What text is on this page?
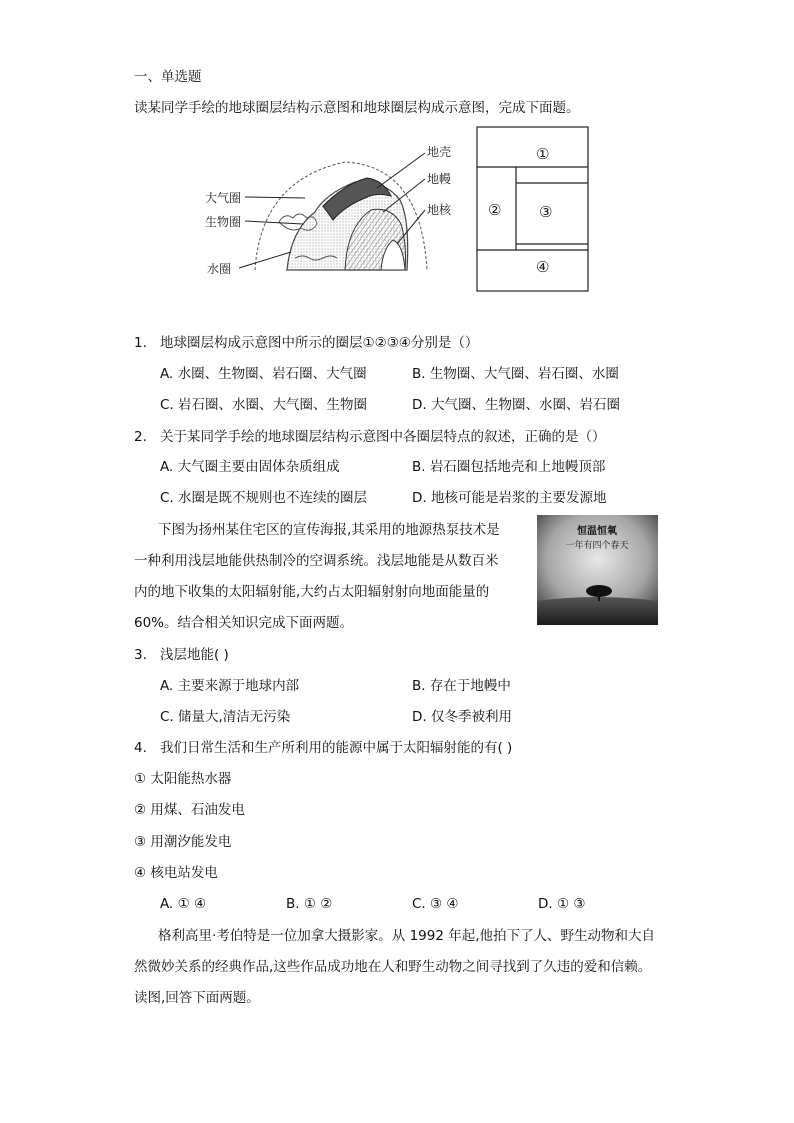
一、单选题
读某同学手绘的地球圈层结构示意图和地球圈层构成示意图，完成下面题。
大气圈
生物圈
水圈
地壳
地幔
地核
①
②	③
④
1. 地球圈层构成示意图中所示的圈层①②③④分别是（）
A. 水圈、生物圈、岩石圈、大气圈	B. 生物圈、大气圈、岩石圈、水圈
C. 岩石圈、水圈、大气圈、生物圈	D. 大气圈、生物圈、水圈、岩石圈
2. 关于某同学手绘的地球圈层结构示意图中各圈层特点的叙述，正确的是（）
A. 大气圈主要由固体杂质组成	B. 岩石圈包括地壳和上地幔顶部
C. 水圈是既不规则也不连续的圈层	D. 地核可能是岩浆的主要发源地
下图为扬州某住宅区的宣传海报,其采用的地源热泵技术是
一种利用浅层地能供热制冷的空调系统。浅层地能是从数百米
内的地下收集的太阳辐射能,大约占太阳辐射射向地面能量的
60%。结合相关知识完成下面两题。
恒温恒氧
一年有四个春天
3. 浅层地能( )
A. 主要来源于地球内部	B. 存在于地幔中
C. 储量大,清洁无污染	D. 仅冬季被利用
4. 我们日常生活和生产所利用的能源中属于太阳辐射能的有( )
① 太阳能热水器
② 用煤、石油发电
③ 用潮汐能发电
④ 核电站发电
A. ① ④	B. ① ②	C. ③ ④	D. ① ③
格利高里·考伯特是一位加拿大摄影家。从 1992 年起,他拍下了人、野生动物和大自
然微妙关系的经典作品,这些作品成功地在人和野生动物之间寻找到了久违的爱和信赖。
读图,回答下面两题。
